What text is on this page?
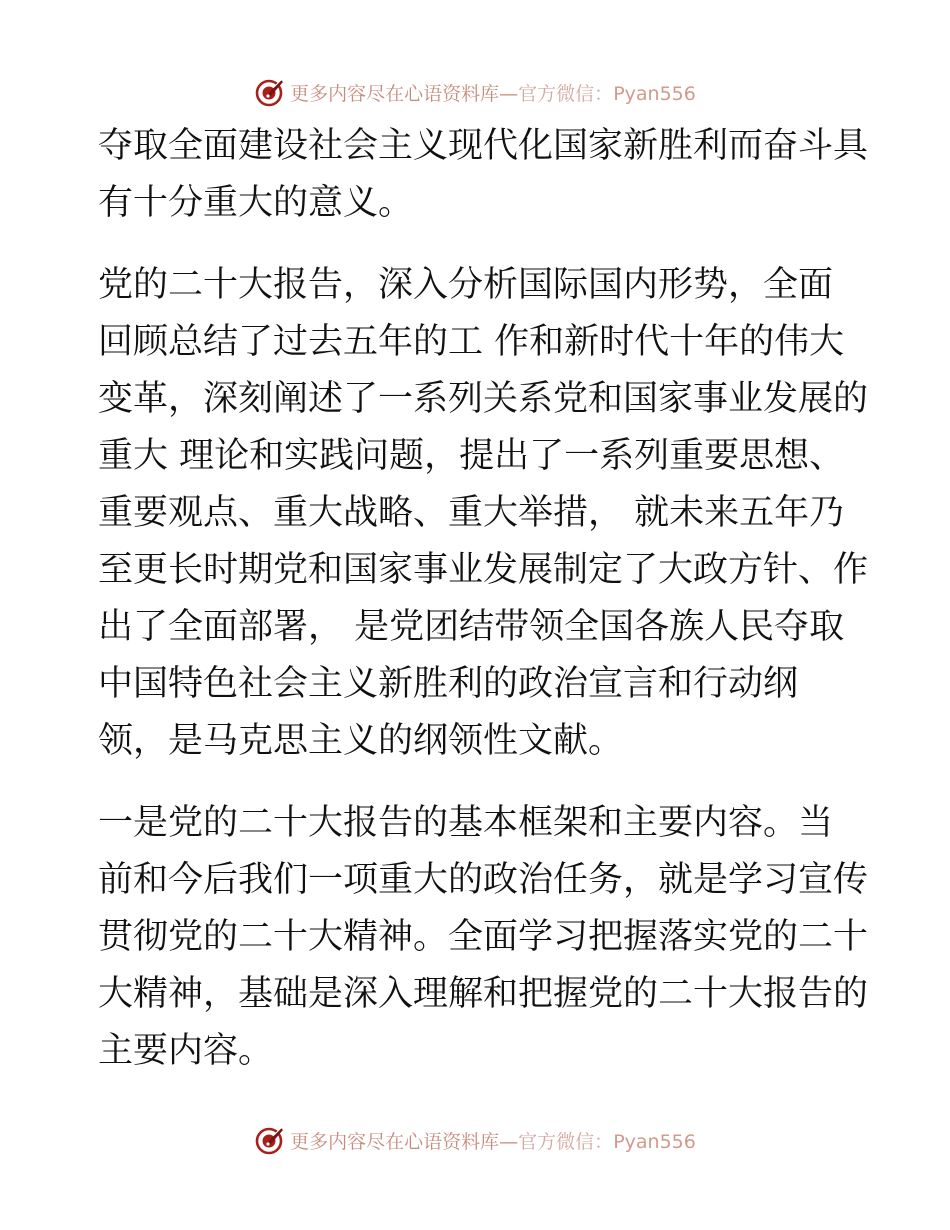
更多内容尽在心语资料库—官方微信：Pyan556

夺取全面建设社会主义现代化国家新胜利而奋斗具
有十分重大的意义。

党的二十大报告，深入分析国际国内形势，全面
回顾总结了过去五年的工 作和新时代十年的伟大
变革，深刻阐述了一系列关系党和国家事业发展的
重大 理论和实践问题，提出了一系列重要思想、
重要观点、重大战略、重大举措， 就未来五年乃
至更长时期党和国家事业发展制定了大政方针、作
出了全面部署， 是党团结带领全国各族人民夺取
中国特色社会主义新胜利的政治宣言和行动纲
领，是马克思主义的纲领性文献。

一是党的二十大报告的基本框架和主要内容。当
前和今后我们一项重大的政治任务，就是学习宣传
贯彻党的二十大精神。全面学习把握落实党的二十
大精神，基础是深入理解和把握党的二十大报告的
主要内容。

更多内容尽在心语资料库—官方微信：Pyan556
